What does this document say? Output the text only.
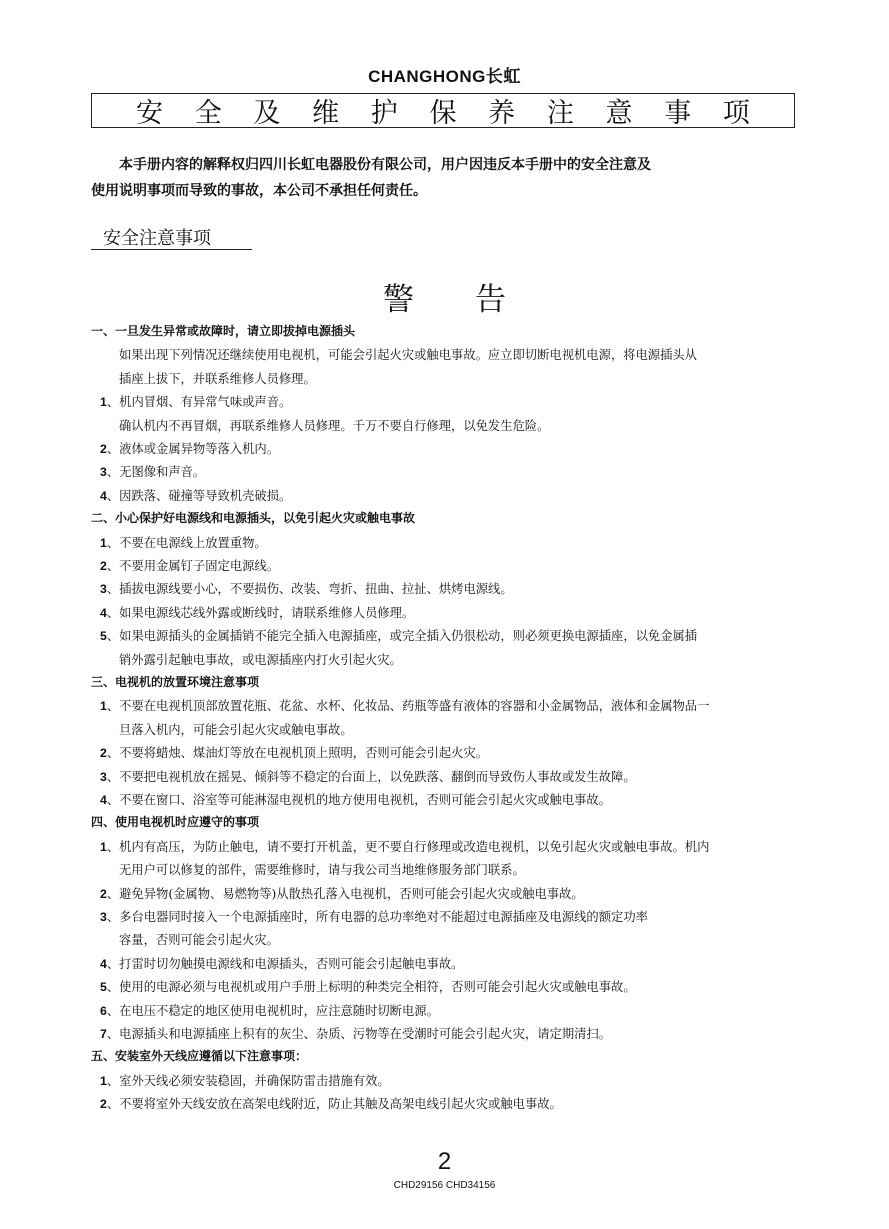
CHANGHONG长虹
安 全 及 维 护 保 养 注 意 事 项
本手册内容的解释权归四川长虹电器股份有限公司，用户因违反本手册中的安全注意及
使用说明事项而导致的事故，本公司不承担任何责任。
安全注意事项
警 告
一、一旦发生异常或故障时，请立即拔掉电源插头
如果出现下列情况还继续使用电视机，可能会引起火灾或触电事故。应立即切断电视机电源，将电源插头从
插座上拔下，并联系维修人员修理。
1、机内冒烟、有异常气味或声音。
确认机内不再冒烟，再联系维修人员修理。千万不要自行修理，以免发生危险。
2、液体或金属异物等落入机内。
3、无图像和声音。
4、因跌落、碰撞等导致机壳破损。
二、小心保护好电源线和电源插头，以免引起火灾或触电事故
1、不要在电源线上放置重物。
2、不要用金属钉子固定电源线。
3、插拔电源线要小心，不要损伤、改装、弯折、扭曲、拉扯、烘烤电源线。
4、如果电源线芯线外露或断线时，请联系维修人员修理。
5、如果电源插头的金属插销不能完全插入电源插座，或完全插入仍很松动，则必须更换电源插座，以免金属插
销外露引起触电事故，或电源插座内打火引起火灾。
三、电视机的放置环境注意事项
1、不要在电视机顶部放置花瓶、花盆、水杯、化妆品、药瓶等盛有液体的容器和小金属物品，液体和金属物品一
旦落入机内，可能会引起火灾或触电事故。
2、不要将蜡烛、煤油灯等放在电视机顶上照明，否则可能会引起火灾。
3、不要把电视机放在摇晃、倾斜等不稳定的台面上，以免跌落、翻倒而导致伤人事故或发生故障。
4、不要在窗口、浴室等可能淋湿电视机的地方使用电视机，否则可能会引起火灾或触电事故。
四、使用电视机时应遵守的事项
1、机内有高压，为防止触电，请不要打开机盖，更不要自行修理或改造电视机，以免引起火灾或触电事故。机内
无用户可以修复的部件，需要维修时，请与我公司当地维修服务部门联系。
2、避免异物(金属物、易燃物等)从散热孔落入电视机，否则可能会引起火灾或触电事故。
3、多台电器同时接入一个电源插座时，所有电器的总功率绝对不能超过电源插座及电源线的额定功率
容量，否则可能会引起火灾。
4、打雷时切勿触摸电源线和电源插头，否则可能会引起触电事故。
5、使用的电源必须与电视机或用户手册上标明的种类完全相符，否则可能会引起火灾或触电事故。
6、在电压不稳定的地区使用电视机时，应注意随时切断电源。
7、电源插头和电源插座上积有的灰尘、杂质、污物等在受潮时可能会引起火灾，请定期清扫。
五、安装室外天线应遵循以下注意事项：
1、室外天线必须安装稳固，并确保防雷击措施有效。
2、不要将室外天线安放在高架电线附近，防止其触及高架电线引起火灾或触电事故。
2
CHD29156 CHD34156
